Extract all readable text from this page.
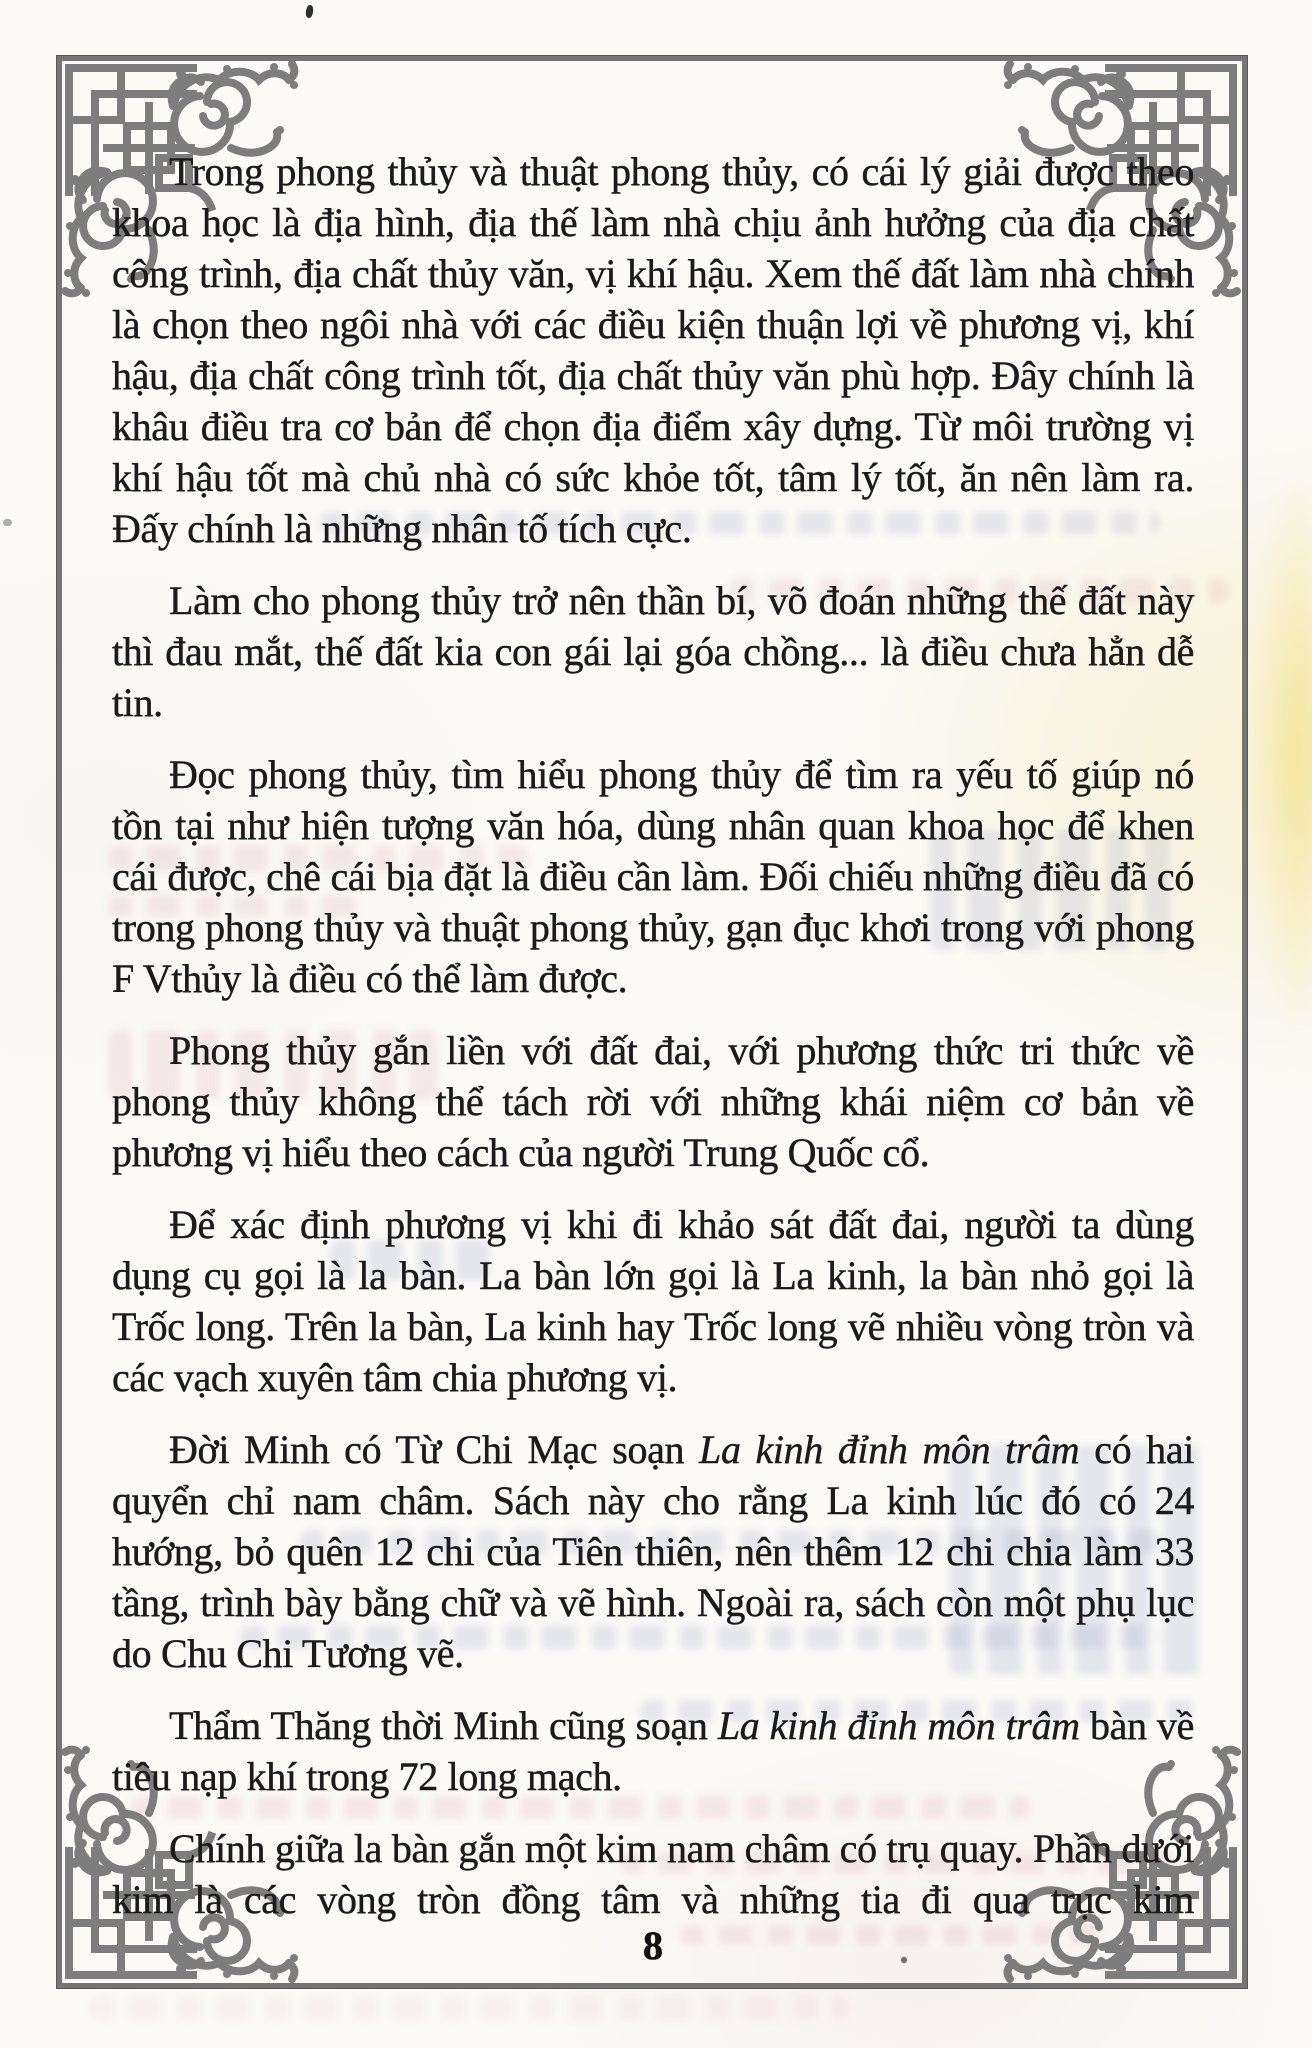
Trong phong thủy và thuật phong thủy, có cái lý giải được theo khoa học là địa hình, địa thế làm nhà chịu ảnh hưởng của địa chất công trình, địa chất thủy văn, vị khí hậu. Xem thế đất làm nhà chính là chọn theo ngôi nhà với các điều kiện thuận lợi về phương vị, khí hậu, địa chất công trình tốt, địa chất thủy văn phù hợp. Đây chính là khâu điều tra cơ bản để chọn địa điểm xây dựng. Từ môi trường vị khí hậu tốt mà chủ nhà có sức khỏe tốt, tâm lý tốt, ăn nên làm ra. Đấy chính là những nhân tố tích cực.

Làm cho phong thủy trở nên thần bí, võ đoán những thế đất này thì đau mắt, thế đất kia con gái lại góa chồng... là điều chưa hẳn dễ tin.

Đọc phong thủy, tìm hiểu phong thủy để tìm ra yếu tố giúp nó tồn tại như hiện tượng văn hóa, dùng nhân quan khoa học để khen cái được, chê cái bịa đặt là điều cần làm. Đối chiếu những điều đã có trong phong thủy và thuật phong thủy, gạn đục khơi trong với phong F Vthủy là điều có thể làm được.

Phong thủy gắn liền với đất đai, với phương thức tri thức về phong thủy không thể tách rời với những khái niệm cơ bản về phương vị hiểu theo cách của người Trung Quốc cổ.

Để xác định phương vị khi đi khảo sát đất đai, người ta dùng dụng cụ gọi là la bàn. La bàn lớn gọi là La kinh, la bàn nhỏ gọi là Trốc long. Trên la bàn, La kinh hay Trốc long vẽ nhiều vòng tròn và các vạch xuyên tâm chia phương vị.

Đời Minh có Từ Chi Mạc soạn La kinh đỉnh môn trâm có hai quyển chỉ nam châm. Sách này cho rằng La kinh lúc đó có 24 hướng, bỏ quên 12 chi của Tiên thiên, nên thêm 12 chi chia làm 33 tầng, trình bày bằng chữ và vẽ hình. Ngoài ra, sách còn một phụ lục do Chu Chi Tương vẽ.

Thẩm Thăng thời Minh cũng soạn La kinh đỉnh môn trâm bàn về tiêu nạp khí trong 72 long mạch.

Chính giữa la bàn gắn một kim nam châm có trụ quay. Phần dưới kim là các vòng tròn đồng tâm và những tia đi qua trục kim

8
